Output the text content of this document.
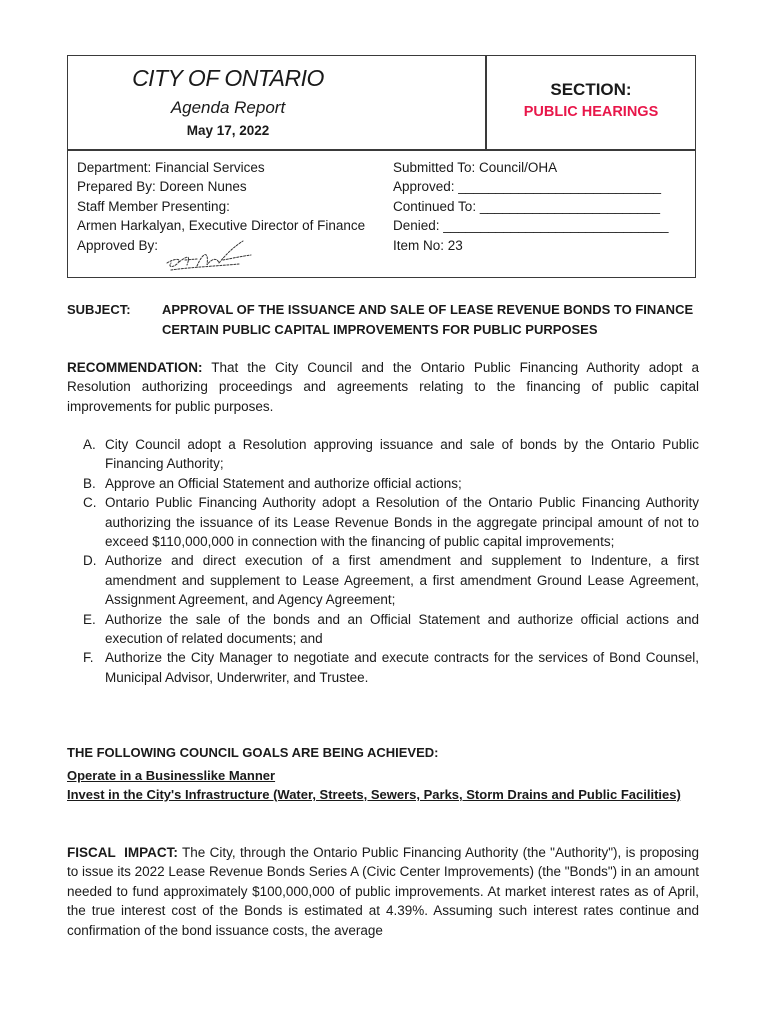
CITY OF ONTARIO
Agenda Report
May 17, 2022
SECTION:
PUBLIC HEARINGS
Department: Financial Services
Prepared By: Doreen Nunes
Staff Member Presenting:
Armen Harkalyan, Executive Director of Finance
Approved By:
Submitted To: Council/OHA
Approved: ___________________________
Continued To: ________________________
Denied: ______________________________
Item No: 23
SUBJECT: APPROVAL OF THE ISSUANCE AND SALE OF LEASE REVENUE BONDS TO FINANCE CERTAIN PUBLIC CAPITAL IMPROVEMENTS FOR PUBLIC PURPOSES
RECOMMENDATION: That the City Council and the Ontario Public Financing Authority adopt a Resolution authorizing proceedings and agreements relating to the financing of public capital improvements for public purposes.
A. City Council adopt a Resolution approving issuance and sale of bonds by the Ontario Public Financing Authority;
B. Approve an Official Statement and authorize official actions;
C. Ontario Public Financing Authority adopt a Resolution of the Ontario Public Financing Authority authorizing the issuance of its Lease Revenue Bonds in the aggregate principal amount of not to exceed $110,000,000 in connection with the financing of public capital improvements;
D. Authorize and direct execution of a first amendment and supplement to Indenture, a first amendment and supplement to Lease Agreement, a first amendment Ground Lease Agreement, Assignment Agreement, and Agency Agreement;
E. Authorize the sale of the bonds and an Official Statement and authorize official actions and execution of related documents; and
F. Authorize the City Manager to negotiate and execute contracts for the services of Bond Counsel, Municipal Advisor, Underwriter, and Trustee.
THE FOLLOWING COUNCIL GOALS ARE BEING ACHIEVED:
Operate in a Businesslike Manner
Invest in the City's Infrastructure (Water, Streets, Sewers, Parks, Storm Drains and Public Facilities)
FISCAL  IMPACT: The City, through the Ontario Public Financing Authority (the "Authority"), is proposing to issue its 2022 Lease Revenue Bonds Series A (Civic Center Improvements) (the "Bonds") in an amount needed to fund approximately $100,000,000 of public improvements. At market interest rates as of April, the true interest cost of the Bonds is estimated at 4.39%. Assuming such interest rates continue and confirmation of the bond issuance costs, the average
